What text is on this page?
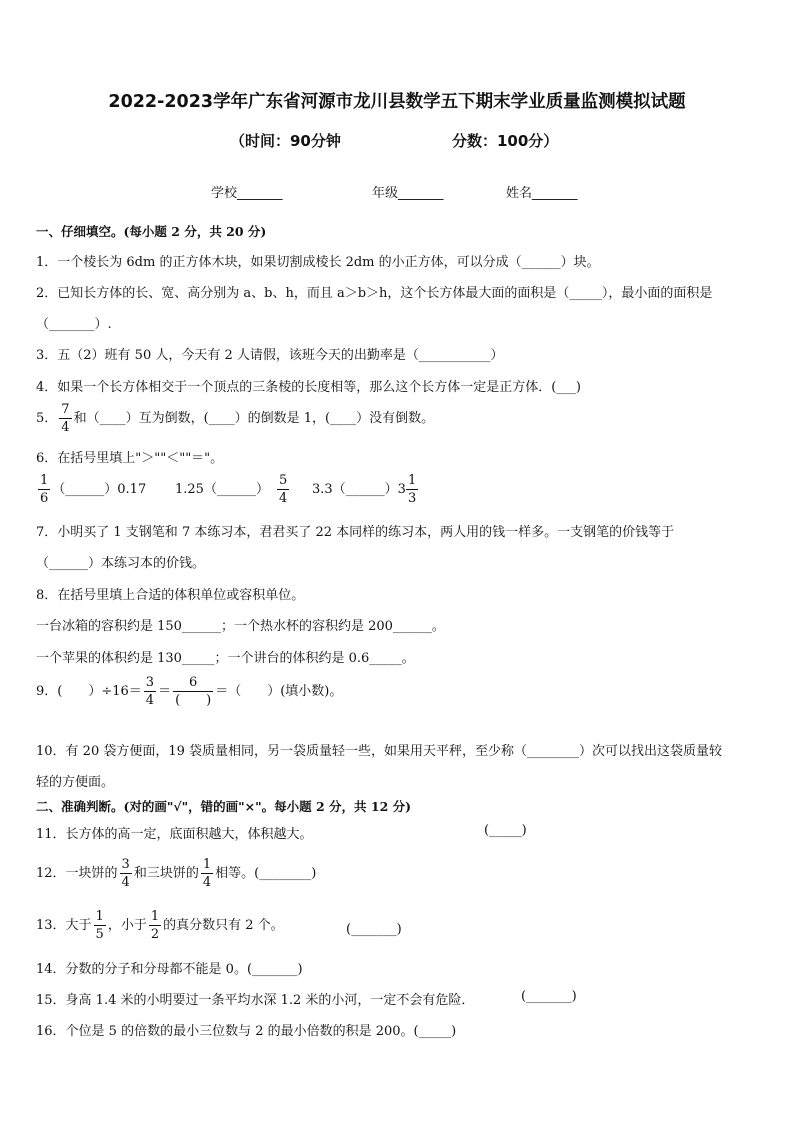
2022-2023学年广东省河源市龙川县数学五下期末学业质量监测模拟试题
（时间：90分钟	分数：100分）
学校_______	年级_______	姓名_______
一、仔细填空。(每小题 2 分，共 20 分)
1．一个棱长为 6dm 的正方体木块，如果切割成棱长 2dm 的小正方体，可以分成（______）块。
2．已知长方体的长、宽、高分别为 a、b、h，而且 a＞b＞h，这个长方体最大面的面积是（_____），最小面的面积是
（_______）.
3．五（2）班有 50 人，今天有 2 人请假，该班今天的出勤率是（___________）
4．如果一个长方体相交于一个顶点的三条棱的长度相等，那么这个长方体一定是正方体．(___)
5． $\frac{7}{4}$ 和（____）互为倒数，(____）的倒数是 1，(____）没有倒数。
6．在括号里填上"＞""＜""＝"。
$\frac{1}{6}$ （______）0.17 1.25（______） $\frac{5}{4}$ 3.3（______）3 $\frac{1}{3}$
7．小明买了 1 支钢笔和 7 本练习本，君君买了 22 本同样的练习本，两人用的钱一样多。一支钢笔的价钱等于
（______）本练习本的价钱。
8．在括号里填上合适的体积单位或容积单位。
一台冰箱的容积约是 150______；一个热水杯的容积约是 200______。
一个苹果的体积约是 130_____；一个讲台的体积约是 0.6_____。
9．(　　）$\div 16= \frac{3}{4} = \frac{6}{( )}$ ＝（　　）(填小数)。
10．有 20 袋方便面，19 袋质量相同，另一袋质量轻一些，如果用天平秤，至少称（________）次可以找出这袋质量较
轻的方便面。
二、准确判断。(对的画"√"，错的画"×"。每小题 2 分，共 12 分)
11．长方体的高一定，底面积越大，体积越大。	(_____)
12．一块饼的 $\frac{3}{4}$ 和三块饼的 $\frac{1}{4}$ 相等。(________)
13．大于 $\frac{1}{5}$ ，小于 $\frac{1}{2}$ 的真分数只有 2 个。	(_______)
14．分数的分子和分母都不能是 0。(_______)
15．身高 1.4 米的小明要过一条平均水深 1.2 米的小河，一定不会有危险．	(_______)
16．个位是 5 的倍数的最小三位数与 2 的最小倍数的积是 200。(_____)
